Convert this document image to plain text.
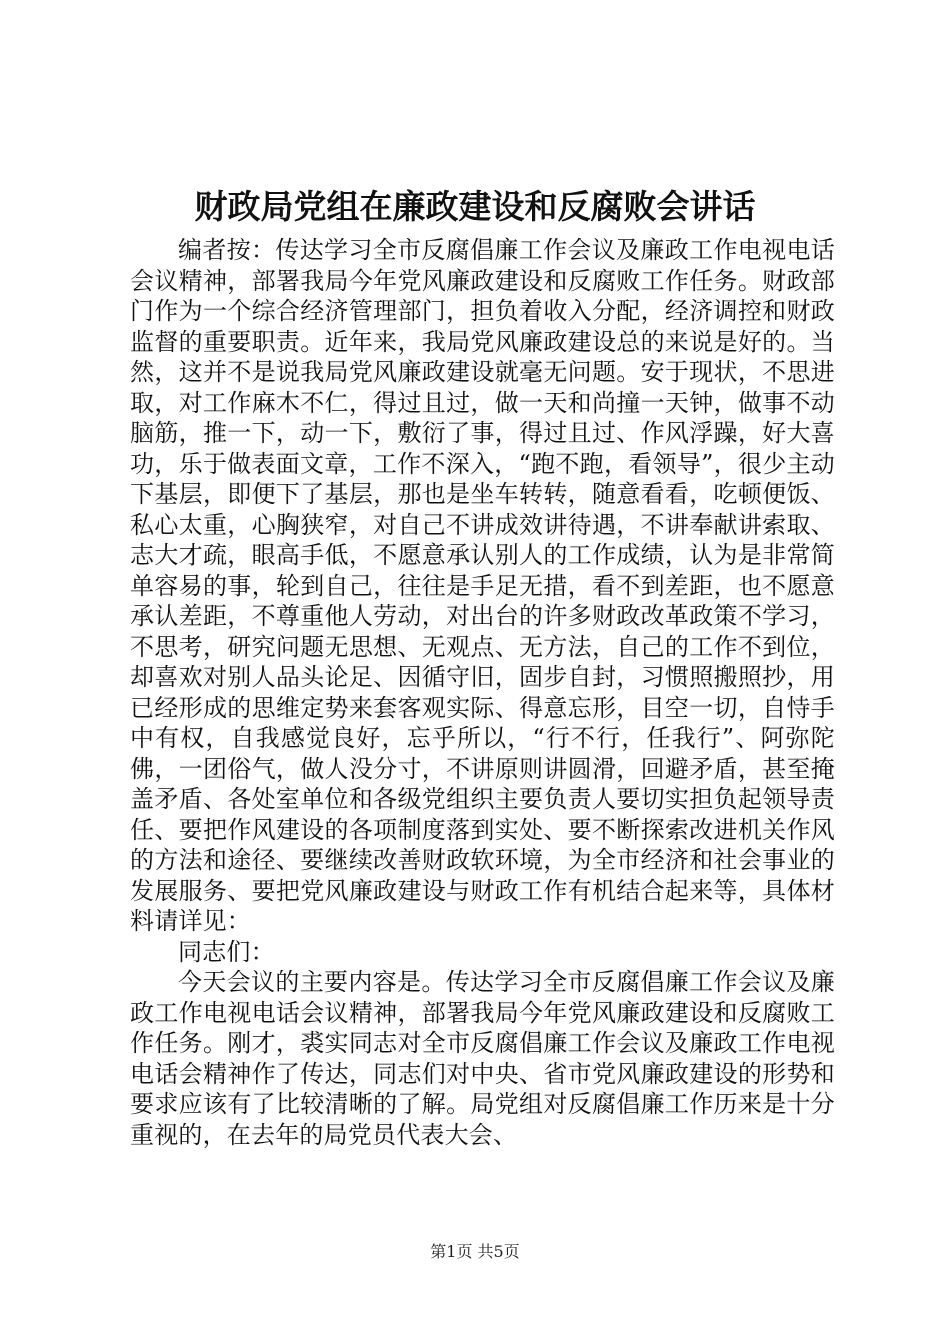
财政局党组在廉政建设和反腐败会讲话

编者按：传达学习全市反腐倡廉工作会议及廉政工作电视电话会议精神，部署我局今年党风廉政建设和反腐败工作任务。财政部门作为一个综合经济管理部门，担负着收入分配，经济调控和财政监督的重要职责。近年来，我局党风廉政建设总的来说是好的。当然，这并不是说我局党风廉政建设就毫无问题。安于现状，不思进取，对工作麻木不仁，得过且过，做一天和尚撞一天钟，做事不动脑筋，推一下，动一下，敷衍了事，得过且过、作风浮躁，好大喜功，乐于做表面文章，工作不深入，“跑不跑，看领导”，很少主动下基层，即便下了基层，那也是坐车转转，随意看看，吃顿便饭、私心太重，心胸狭窄，对自己不讲成效讲待遇，不讲奉献讲索取、志大才疏，眼高手低，不愿意承认别人的工作成绩，认为是非常简单容易的事，轮到自己，往往是手足无措，看不到差距，也不愿意承认差距，不尊重他人劳动，对出台的许多财政改革政策不学习，不思考，研究问题无思想、无观点、无方法，自己的工作不到位，却喜欢对别人品头论足、因循守旧，固步自封，习惯照搬照抄，用已经形成的思维定势来套客观实际、得意忘形，目空一切，自恃手中有权，自我感觉良好，忘乎所以，“行不行，任我行”、阿弥陀佛，一团俗气，做人没分寸，不讲原则讲圆滑，回避矛盾，甚至掩盖矛盾、各处室单位和各级党组织主要负责人要切实担负起领导责任、要把作风建设的各项制度落到实处、要不断探索改进机关作风的方法和途径、要继续改善财政软环境，为全市经济和社会事业的发展服务、要把党风廉政建设与财政工作有机结合起来等，具体材料请详见：

同志们：

今天会议的主要内容是。传达学习全市反腐倡廉工作会议及廉政工作电视电话会议精神，部署我局今年党风廉政建设和反腐败工作任务。刚才，裘实同志对全市反腐倡廉工作会议及廉政工作电视电话会精神作了传达，同志们对中央、省市党风廉政建设的形势和要求应该有了比较清晰的了解。局党组对反腐倡廉工作历来是十分重视的，在去年的局党员代表大会、

第1页 共5页
